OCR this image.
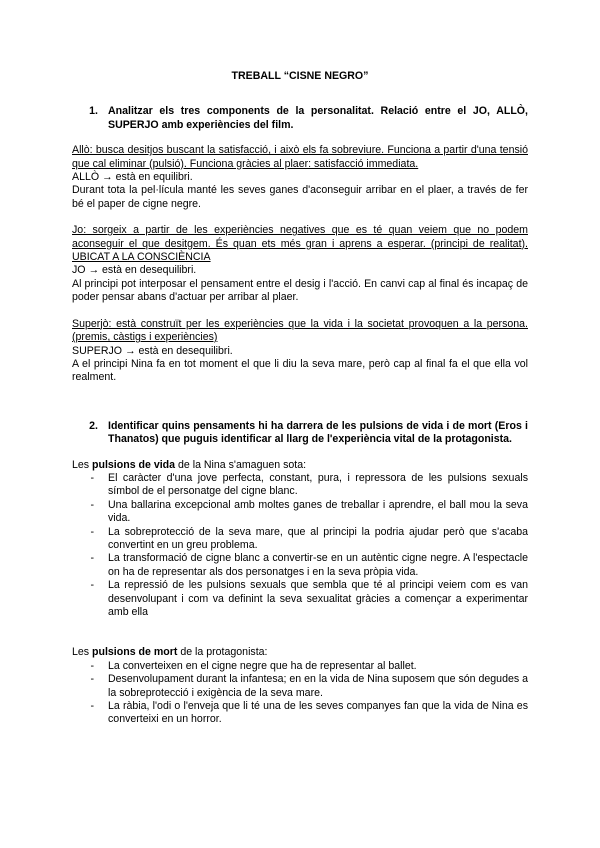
TREBALL “CISNE NEGRO”
1. Analitzar els tres components de la personalitat. Relació entre el JO, ALLÒ, SUPERJO amb experiències del film.

Allò: busca desitjos buscant la satisfacció, i això els fa sobreviure. Funciona a partir d'una tensió que cal eliminar (pulsió). Funciona gràcies al plaer: satisfacció immediata.

ALLÒ → està en equilibri.

Durant tota la pel·lícula manté les seves ganes d'aconseguir arribar en el plaer, a través de fer bé el paper de cigne negre.

Jo: sorgeix a partir de les experiències negatives que es té quan veiem que no podem aconseguir el que desitgem. És quan ets més gran i aprens a esperar. (principi de realitat). UBICAT A LA CONSCIÈNCIA

JO → està en desequilibri.

Al principi pot interposar el pensament entre el desig i l'acció. En canvi cap al final és incapaç de poder pensar abans d'actuar per arribar al plaer.

Superjò: està construït per les experiències que la vida i la societat provoquen a la persona. (premis, càstigs i experiències)

SUPERJO → està en desequilibri.

A el principi Nina fa en tot moment el que li diu la seva mare, però cap al final fa el que ella vol realment.

2. Identificar quins pensaments hi ha darrera de les pulsions de vida i de mort (Eros i Thanatos) que puguis identificar al llarg de l'experiència vital de la protagonista.

Les pulsions de vida de la Nina s'amaguen sota:

-	El caràcter d'una jove perfecta, constant, pura, i repressora de les pulsions sexuals símbol de el personatge del cigne blanc.
-	Una ballarina excepcional amb moltes ganes de treballar i aprendre, el ball mou la seva vida.
-	La sobreprotecció de la seva mare, que al principi la podria ajudar però que s'acaba convertint en un greu problema.
-	La transformació de cigne blanc a convertir-se en un autèntic cigne negre. A l'espectacle on ha de representar als dos personatges i en la seva pròpia vida.
-	La repressió de les pulsions sexuals que sembla que té al principi veiem com es van desenvolupant i com va definint la seva sexualitat gràcies a començar a experimentar amb ella

Les pulsions de mort de la protagonista:

-	La converteixen en el cigne negre que ha de representar al ballet.
-	Desenvolupament durant la infantesa; en en la vida de Nina suposem que són degudes a la sobreprotecció i exigència de la seva mare.
-	La ràbia, l'odi o l'enveja que li té una de les seves companyes fan que la vida de Nina es converteixi en un horror.
